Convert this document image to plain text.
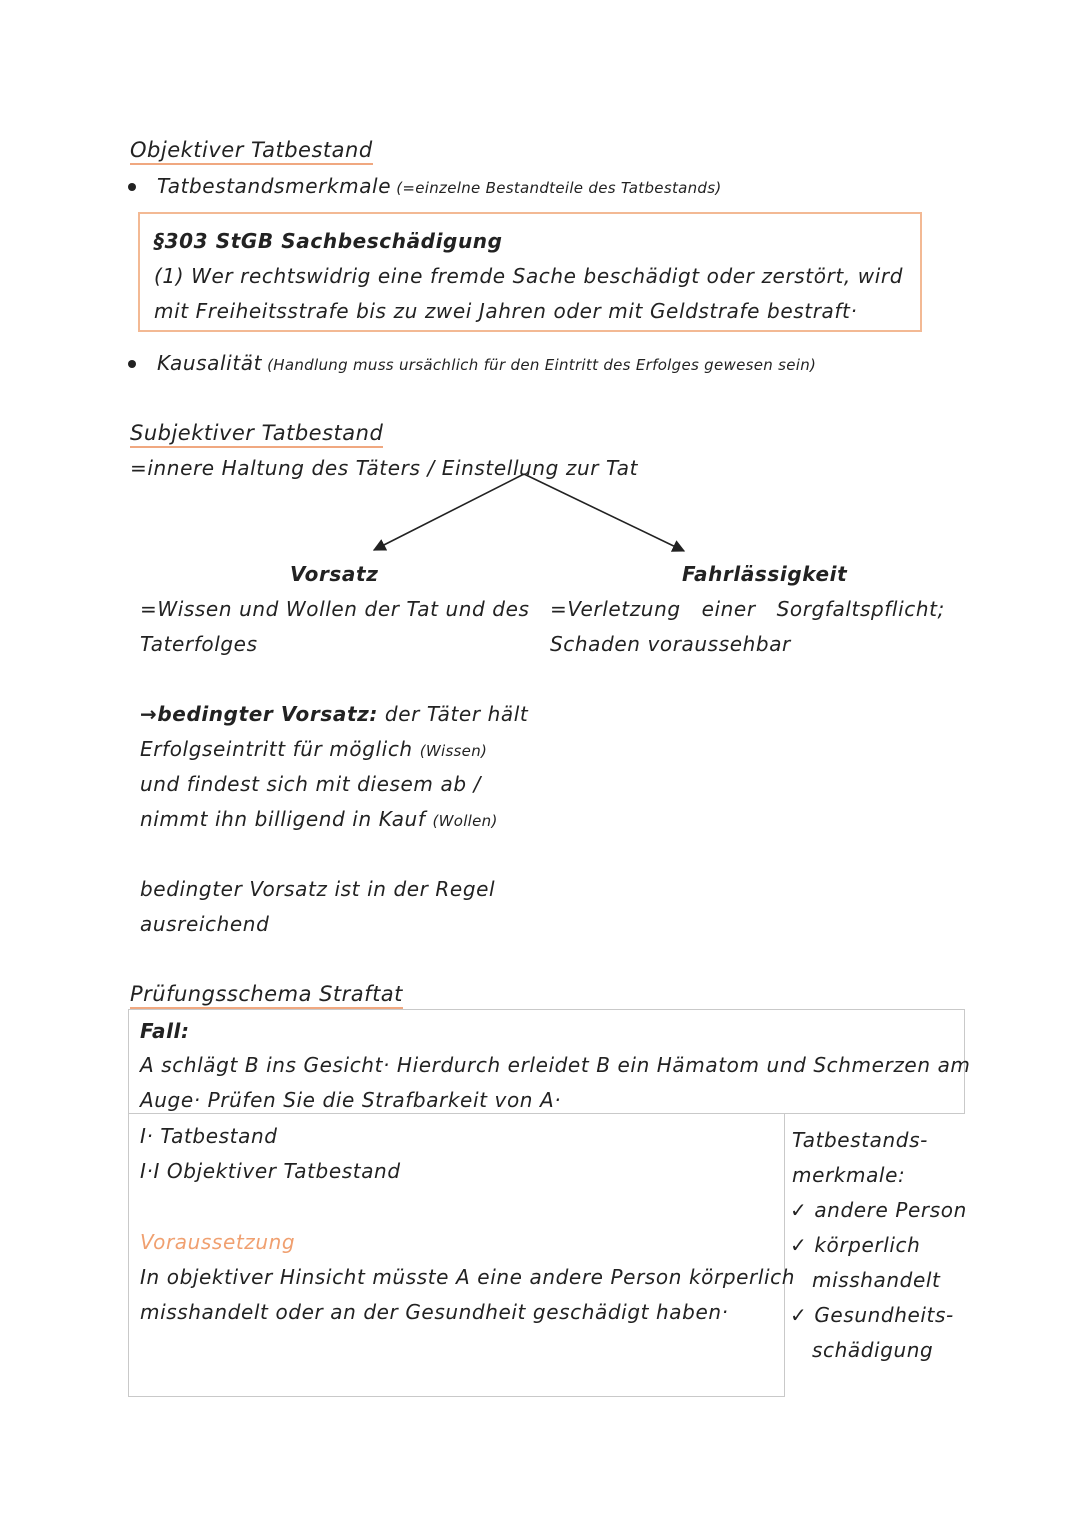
Objektiver Tatbestand
Tatbestandsmerkmale (=einzelne Bestandteile des Tatbestands)
§303 StGB Sachbeschädigung
(1) Wer rechtswidrig eine fremde Sache beschädigt oder zerstört, wird
mit Freiheitsstrafe bis zu zwei Jahren oder mit Geldstrafe bestraft·
Kausalität (Handlung muss ursächlich für den Eintritt des Erfolges gewesen sein)
Subjektiver Tatbestand
=innere Haltung des Täters / Einstellung zur Tat
Vorsatz
=Wissen und Wollen der Tat und des
Taterfolges
→bedingter Vorsatz: der Täter hält
Erfolgseintritt für möglich (Wissen)
und findest sich mit diesem ab /
nimmt ihn billigend in Kauf (Wollen)
bedingter Vorsatz ist in der Regel
ausreichend
Fahrlässigkeit
=Verletzung einer Sorgfaltspflicht;
Schaden voraussehbar
Prüfungsschema Straftat
Fall:
A schlägt B ins Gesicht· Hierdurch erleidet B ein Hämatom und Schmerzen am
Auge· Prüfen Sie die Strafbarkeit von A·
I· Tatbestand
I·I Objektiver Tatbestand
Voraussetzung
In objektiver Hinsicht müsste A eine andere Person körperlich
misshandelt oder an der Gesundheit geschädigt haben·
Tatbestands-
merkmale:
✓ andere Person
✓ körperlich
misshandelt
✓ Gesundheits-
schädigung
